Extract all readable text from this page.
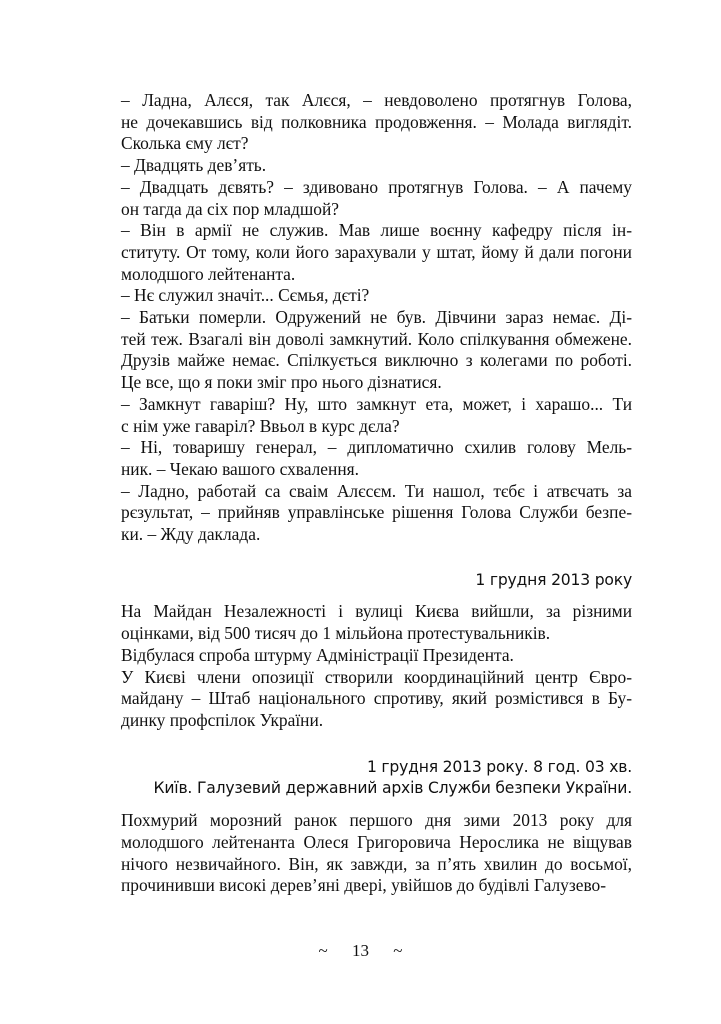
– Ладна, Алєся, так Алєся, – невдоволено протягнув Голова,
не дочекавшись від полковника продовження. – Молада виглядіт.
Сколька єму лєт?
– Двадцять дев’ять.
– Двадцать дєвять? – здивовано протягнув Голова. – А пачему
он тагда да сіх пор младшой?
– Він в армії не служив. Мав лише воєнну кафедру після ін-
ституту. От тому, коли його зарахували у штат, йому й дали погони
молодшого лейтенанта.
– Нє служил значіт... Сємья, дєті?
– Батьки померли. Одружений не був. Дівчини зараз немає. Ді-
тей теж. Взагалі він доволі замкнутий. Коло спілкування обмежене.
Друзів майже немає. Спілкується виключно з колегами по роботі.
Це все, що я поки зміг про нього дізнатися.
– Замкнут гаваріш? Ну, што замкнут ета, может, і харашо... Ти
с нім уже гаваріл? Ввьол в курс дєла?
– Ні, товаришу генерал, – дипломатично схилив голову Мель-
ник. – Чекаю вашого схвалення.
– Ладно, работай са сваім Алєсєм. Ти нашол, тєбє і атвєчать за
рєзультат, – прийняв управлінське рішення Голова Служби безпе-
ки. – Жду даклада.
1 грудня 2013 року
На Майдан Незалежності і вулиці Києва вийшли, за різними
оцінками, від 500 тисяч до 1 мільйона протестувальників.
Відбулася спроба штурму Адміністрації Президента.
У Києві члени опозиції створили координаційний центр Євро-
майдану – Штаб національного спротиву, який розмістився в Бу-
динку профспілок України.
1 грудня 2013 року. 8 год. 03 хв.
Київ. Галузевий державний архів Служби безпеки України.
Похмурий морозний ранок першого дня зими 2013 року для
молодшого лейтенанта Олеся Григоровича Нерослика не віщував
нічого незвичайного. Він, як завжди, за п’ять хвилин до восьмої,
прочинивши високі дерев’яні двері, увійшов до будівлі Галузево-
~ 13 ~
